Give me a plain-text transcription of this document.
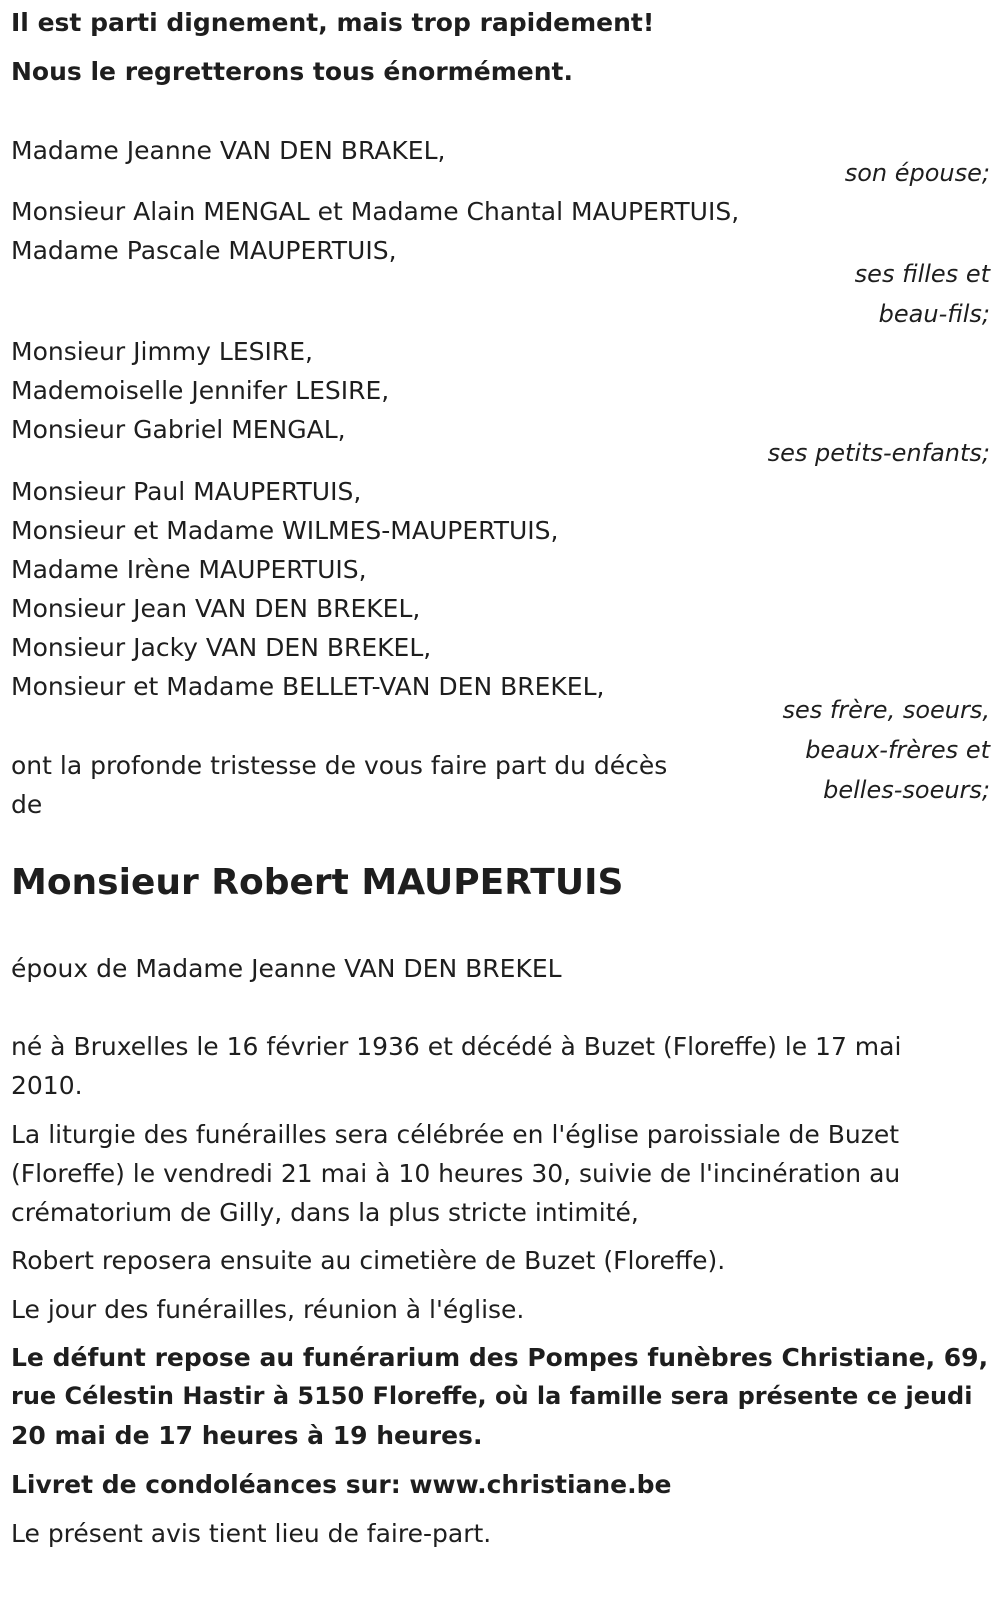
Il est parti dignement, mais trop rapidement!
Nous le regretterons tous énormément.
Madame Jeanne VAN DEN BRAKEL,
son épouse;
Monsieur Alain MENGAL et Madame Chantal MAUPERTUIS,
Madame Pascale MAUPERTUIS,
ses filles et
beau-fils;
Monsieur Jimmy LESIRE,
Mademoiselle Jennifer LESIRE,
Monsieur Gabriel MENGAL,
ses petits-enfants;
Monsieur Paul MAUPERTUIS,
Monsieur et Madame WILMES-MAUPERTUIS,
Madame Irène MAUPERTUIS,
Monsieur Jean VAN DEN BREKEL,
Monsieur Jacky VAN DEN BREKEL,
Monsieur et Madame BELLET-VAN DEN BREKEL,
ses frère, soeurs,
beaux-frères et
belles-soeurs;
ont la profonde tristesse de vous faire part du décès
de
Monsieur Robert MAUPERTUIS
époux de Madame Jeanne VAN DEN BREKEL
né à Bruxelles le 16 février 1936 et décédé à Buzet (Floreffe) le 17 mai
2010.
La liturgie des funérailles sera célébrée en l'église paroissiale de Buzet
(Floreffe) le vendredi 21 mai à 10 heures 30, suivie de l'incinération au
crématorium de Gilly, dans la plus stricte intimité,
Robert reposera ensuite au cimetière de Buzet (Floreffe).
Le jour des funérailles, réunion à l'église.
Le défunt repose au funérarium des Pompes funèbres Christiane, 69,
rue Célestin Hastir à 5150 Floreffe, où la famille sera présente ce jeudi
20 mai de 17 heures à 19 heures.
Livret de condoléances sur: www.christiane.be
Le présent avis tient lieu de faire-part.
